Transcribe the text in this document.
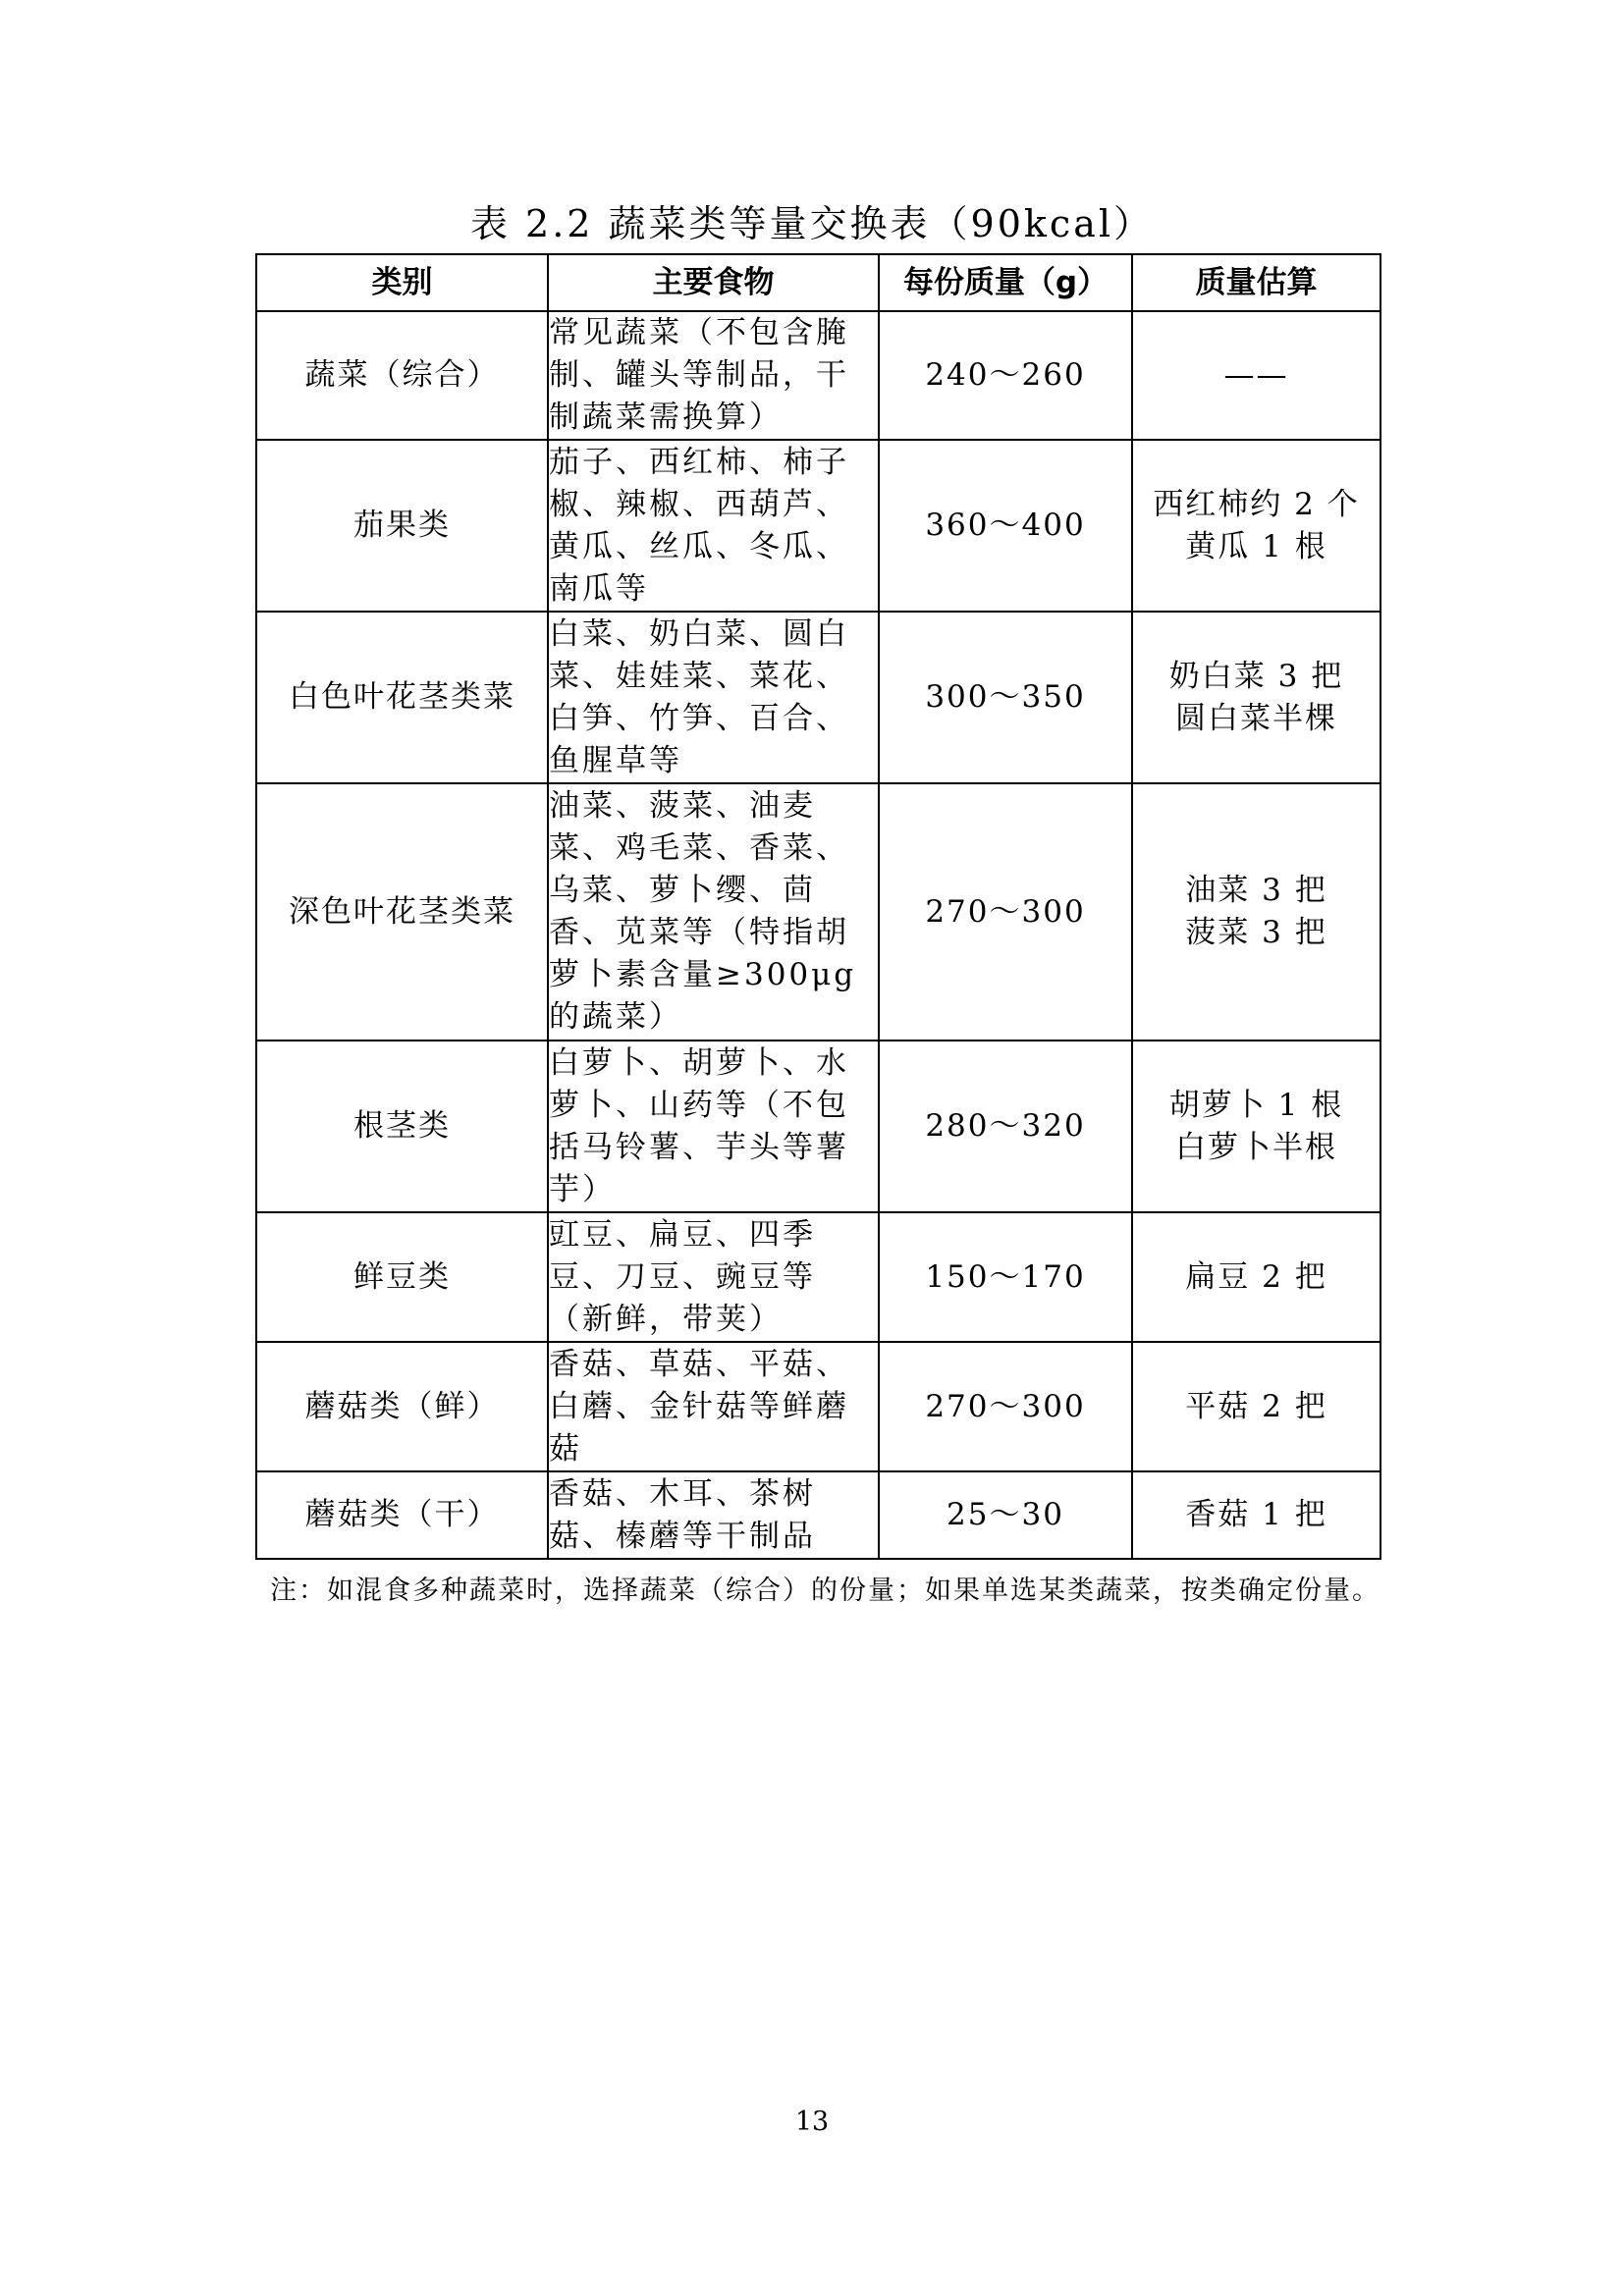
表 2.2 蔬菜类等量交换表（90kcal）
类别	主要食物	每份质量（g）	质量估算
蔬菜（综合）	常见蔬菜（不包含腌制、罐头等制品，干制蔬菜需换算）	240～260	——

茄果类	茄子、西红柿、柿子椒、辣椒、西葫芦、黄瓜、丝瓜、冬瓜、南瓜等	360～400	西红柿约 2 个
黄瓜 1 根

白色叶花茎类菜	白菜、奶白菜、圆白菜、娃娃菜、菜花、白笋、竹笋、百合、鱼腥草等	300～350	奶白菜 3 把
圆白菜半棵

深色叶花茎类菜	油菜、菠菜、油麦菜、鸡毛菜、香菜、乌菜、萝卜缨、茴香、苋菜等（特指胡萝卜素含量≥300μg的蔬菜）	270～300	油菜 3 把
菠菜 3 把

根茎类	白萝卜、胡萝卜、水萝卜、山药等（不包括马铃薯、芋头等薯芋）	280～320	胡萝卜 1 根
白萝卜半根

鲜豆类	豇豆、扁豆、四季豆、刀豆、豌豆等（新鲜，带荚）	150～170	扁豆 2 把

蘑菇类（鲜）	香菇、草菇、平菇、白蘑、金针菇等鲜蘑菇	270～300	平菇 2 把

蘑菇类（干）	香菇、木耳、茶树菇、榛蘑等干制品	25～30	香菇 1 把
注：如混食多种蔬菜时，选择蔬菜（综合）的份量；如果单选某类蔬菜，按类确定份量。
13
